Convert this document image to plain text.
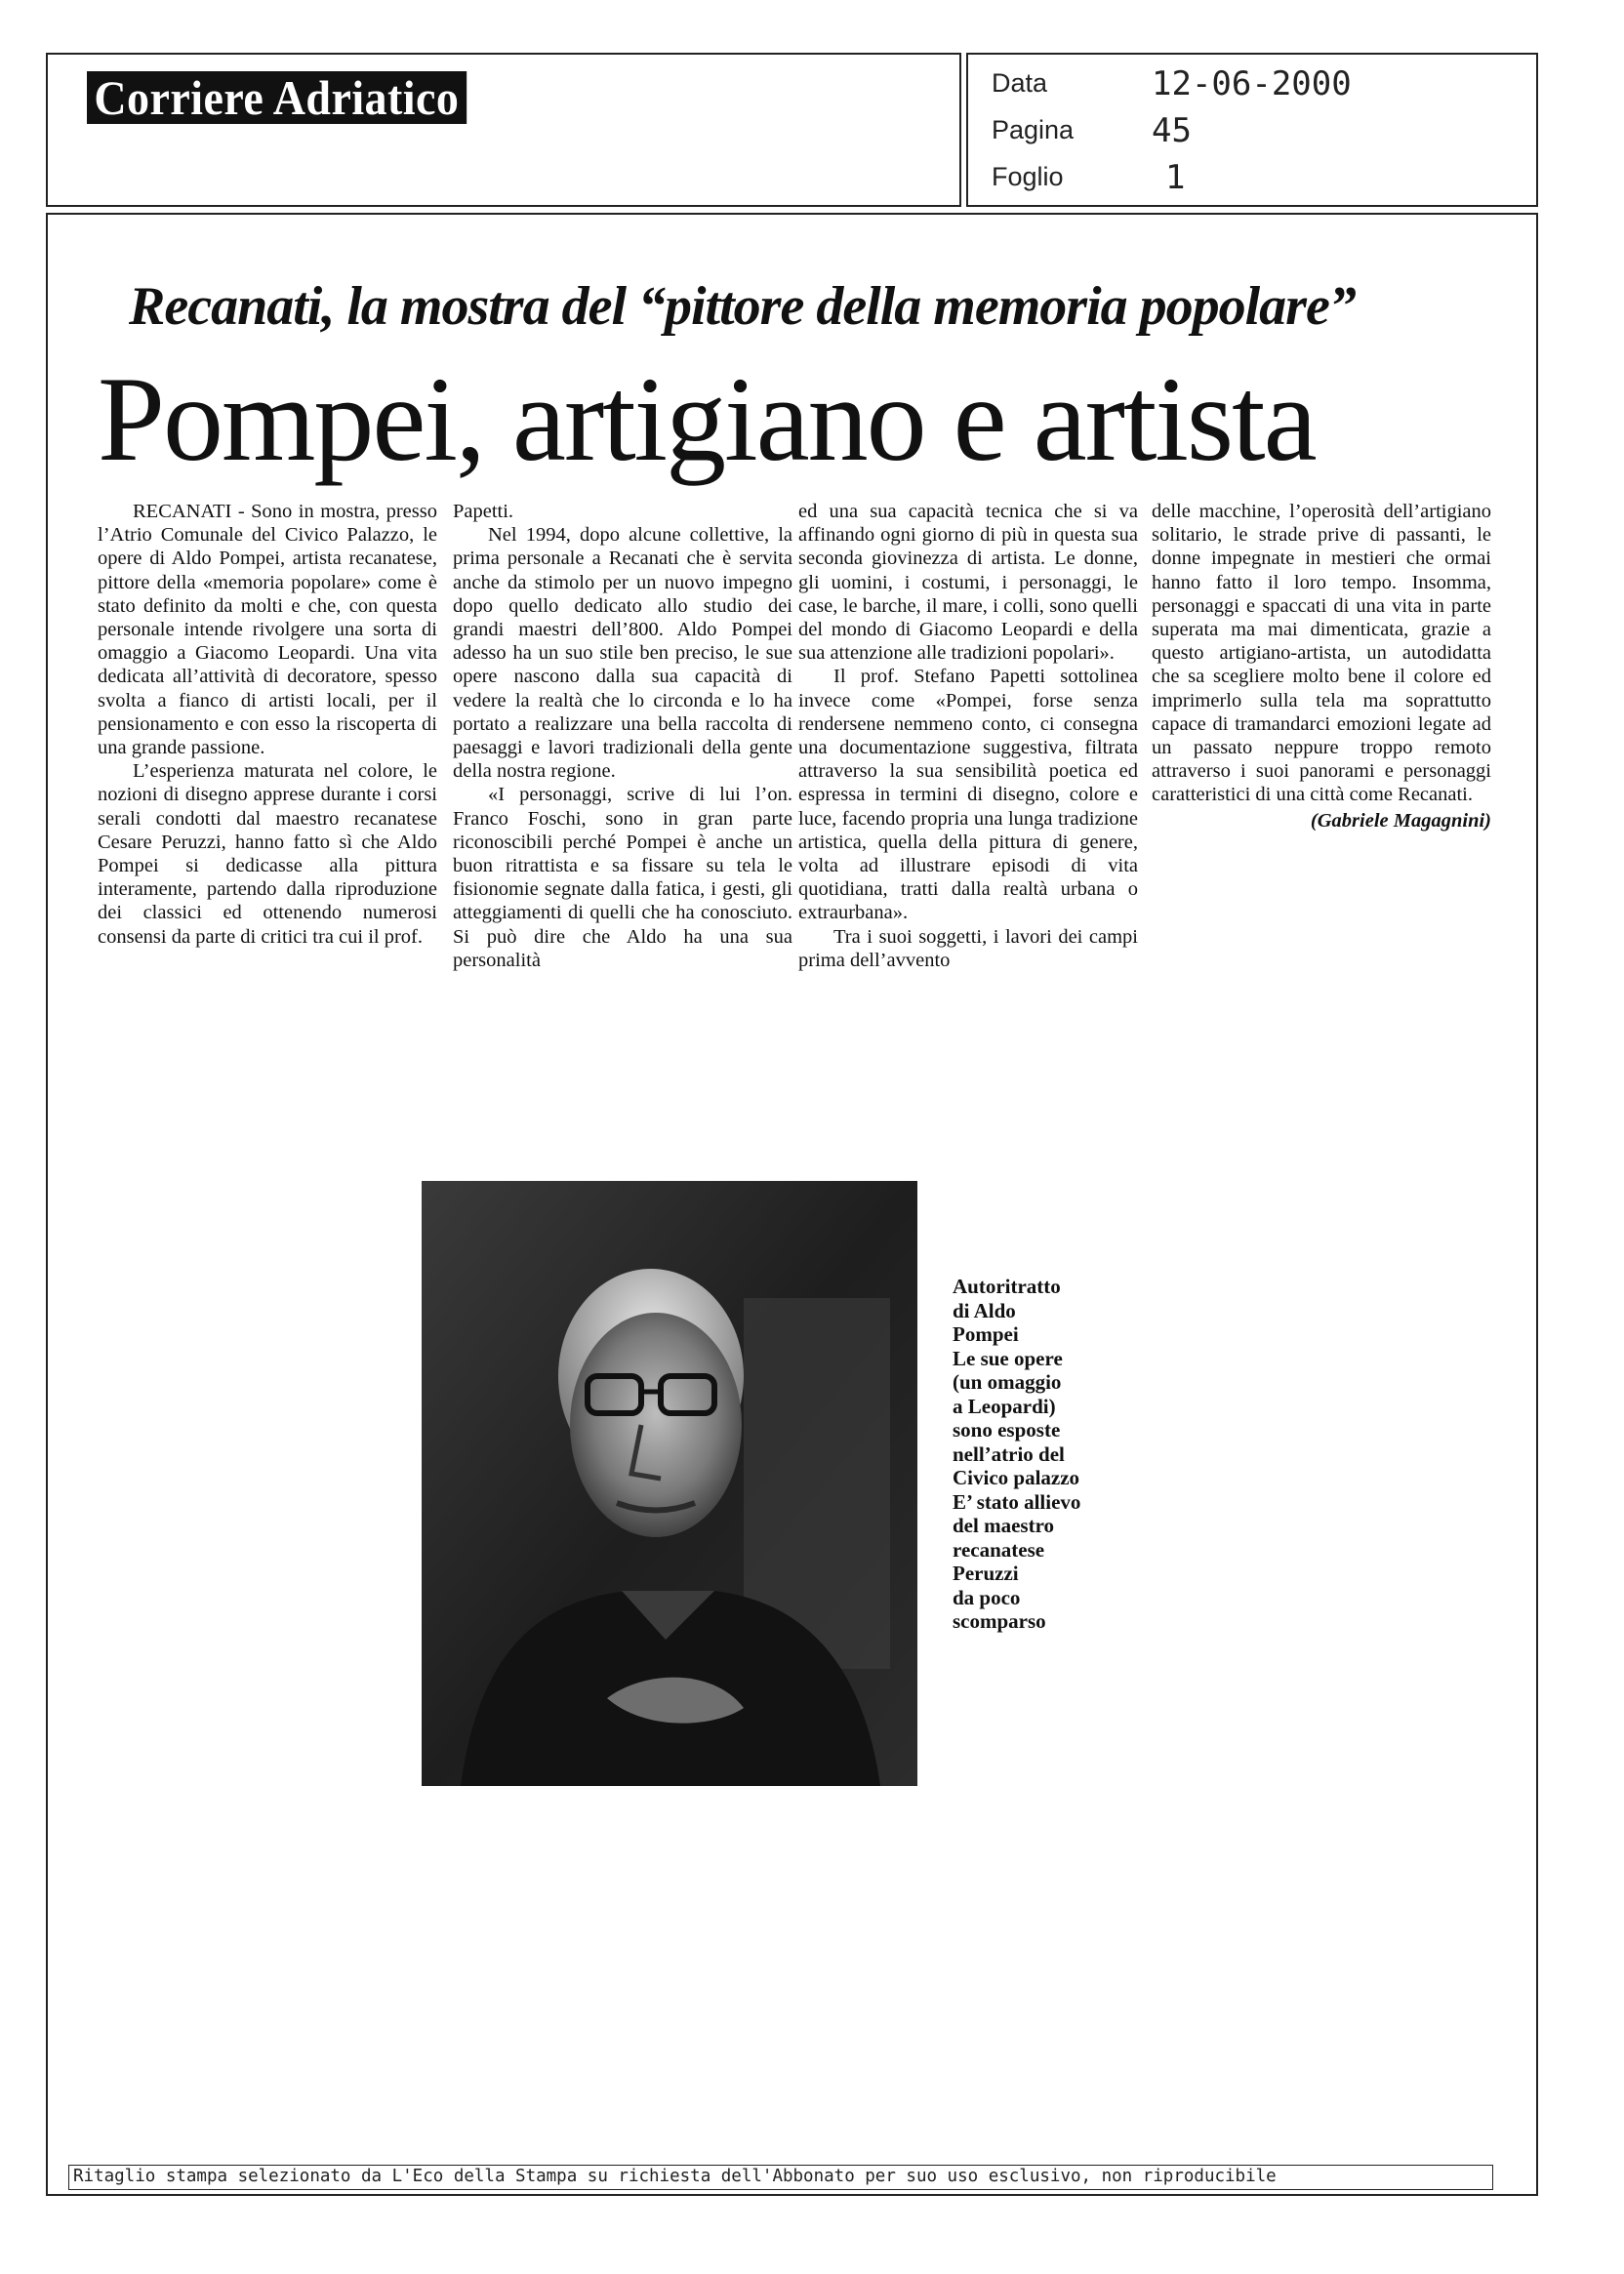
Corriere Adriatico	Data	12-06-2000
Pagina 45
Foglio	1
Recanati, la mostra del “pittore della memoria popolare”
Pompei, artigiano e artista

RECANATI - Sono in mostra, presso l’Atrio Comunale del Civico Palazzo, le opere di Aldo Pompei, artista recanatese, pittore della «memoria popolare» come è stato definito da molti e che, con questa personale intende rivolgere una sorta di omaggio a Giacomo Leopardi. Una vita dedicata all’attività di decoratore, spesso svolta a fianco di artisti locali, per il pensionamento e con esso la riscoperta di una grande passione.

L’esperienza maturata nel colore, le nozioni di disegno apprese durante i corsi serali condotti dal maestro recanatese Cesare Peruzzi, hanno fatto sì che Aldo Pompei si dedicasse alla pittura interamente, partendo dalla riproduzione dei classici ed ottenendo numerosi consensi da parte di critici tra cui il prof.

Papetti.

Nel 1994, dopo alcune collettive, la prima personale a Recanati che è servita anche da stimolo per un nuovo impegno dopo quello dedicato allo studio dei grandi maestri dell’800. Aldo Pompei adesso ha un suo stile ben preciso, le sue opere nascono dalla sua capacità di vedere la realtà che lo circonda e lo ha portato a realizzare una bella raccolta di paesaggi e lavori tradizionali della gente della nostra regione.

«I personaggi, scrive di lui l’on. Franco Foschi, sono in gran parte riconoscibili perché Pompei è anche un buon ritrattista e sa fissare su tela le fisionomie segnate dalla fatica, i gesti, gli atteggiamenti di quelli che ha conosciuto. Si può dire che Aldo ha una sua personalità

ed una sua capacità tecnica che si va affinando ogni giorno di più in questa sua seconda giovinezza di artista. Le donne, gli uomini, i costumi, i personaggi, le case, le barche, il mare, i colli, sono quelli del mondo di Giacomo Leopardi e della sua attenzione alle tradizioni popolari».

Il prof. Stefano Papetti sottolinea invece come «Pompei, forse senza rendersene nemmeno conto, ci consegna una documentazione suggestiva, filtrata attraverso la sua sensibilità poetica ed espressa in termini di disegno, colore e luce, facendo propria una lunga tradizione artistica, quella della pittura di genere, volta ad illustrare episodi di vita quotidiana, tratti dalla realtà urbana o extraurbana».

Tra i suoi soggetti, i lavori dei campi prima dell’avvento

delle macchine, l’operosità dell’artigiano solitario, le strade prive di passanti, le donne impegnate in mestieri che ormai hanno fatto il loro tempo. Insomma, personaggi e spaccati di una vita in parte superata ma mai dimenticata, grazie a questo artigiano-artista, un autodidatta che sa scegliere molto bene il colore ed imprimerlo sulla tela ma soprattutto capace di tramandarci emozioni legate ad un passato neppure troppo remoto attraverso i suoi panorami e personaggi caratteristici di una città come Recanati.

(Gabriele Magagnini)
Autoritratto
di Aldo
Pompei
Le sue opere
(un omaggio
a Leopardi)
sono esposte
nell’atrio del
Civico palazzo
E’ stato allievo
del maestro
recanatese
Peruzzi
da poco
scomparso
Ritaglio stampa selezionato da L'Eco della Stampa su richiesta dell'Abbonato per suo uso esclusivo, non riproducibile
